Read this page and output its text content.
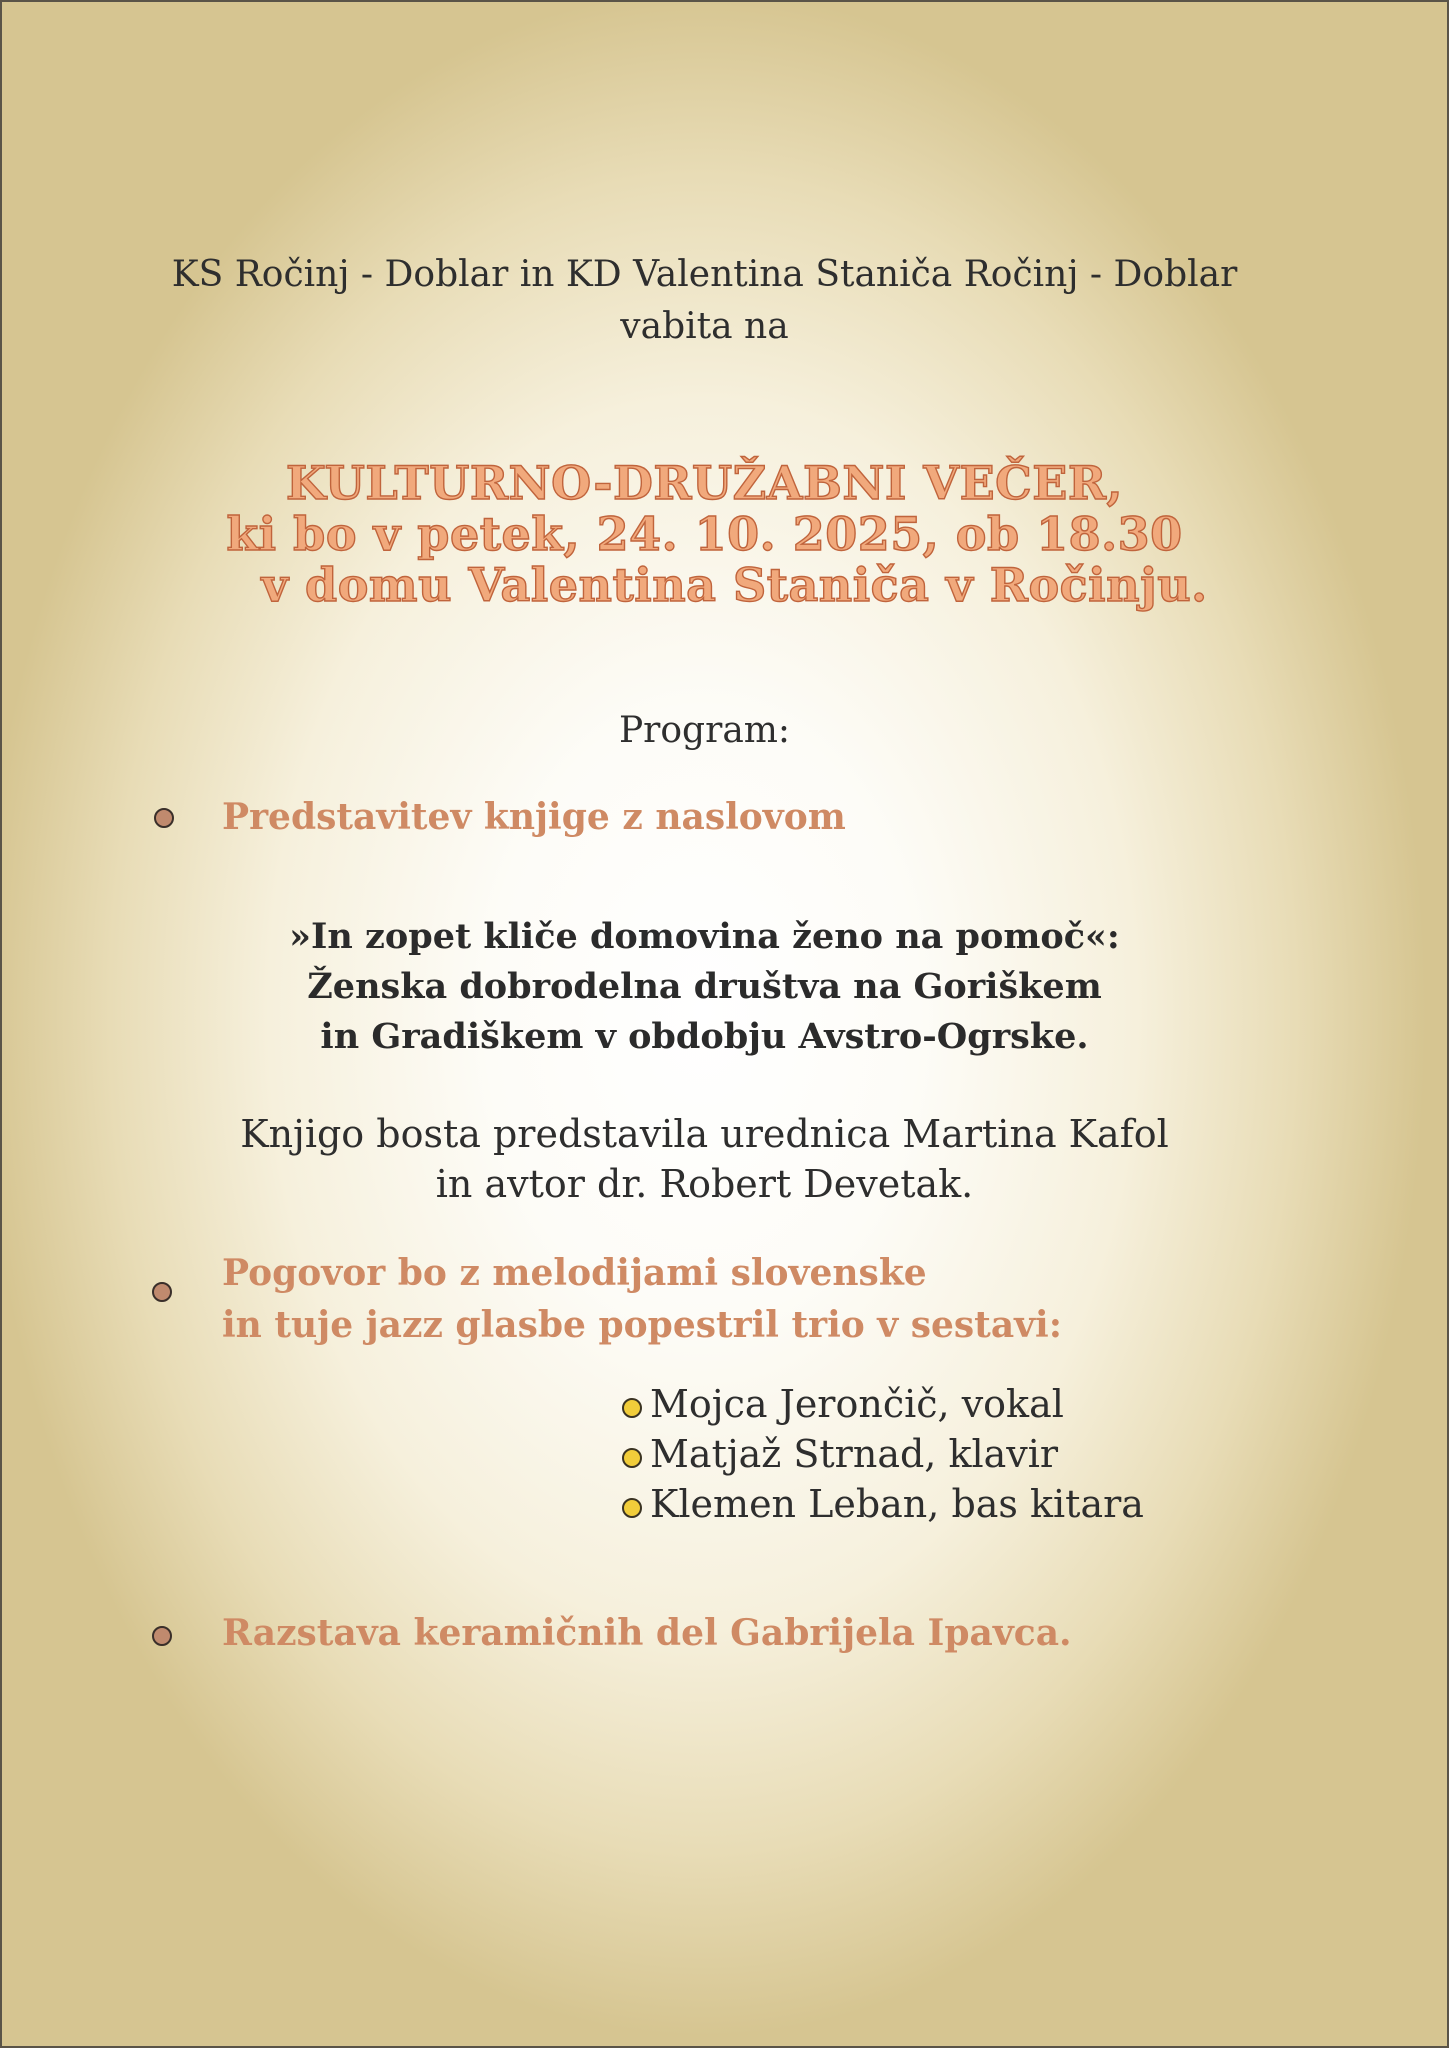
KS Ročinj - Doblar in KD Valentina Staniča Ročinj - Doblar
vabita na
KULTURNO-DRUŽABNI VEČER,
ki bo v petek, 24. 10. 2025, ob 18.30
v domu Valentina Staniča v Ročinju.
Program:
Predstavitev knjige z naslovom
»In zopet kliče domovina ženo na pomoč«:
Ženska dobrodelna društva na Goriškem
in Gradiškem v obdobju Avstro-Ogrske.
Knjigo bosta predstavila urednica Martina Kafol
in avtor dr. Robert Devetak.
Pogovor bo z melodijami slovenske
in tuje jazz glasbe popestril trio v sestavi:
Mojca Jerončič, vokal
Matjaž Strnad, klavir
Klemen Leban, bas kitara
Razstava keramičnih del Gabrijela Ipavca.
